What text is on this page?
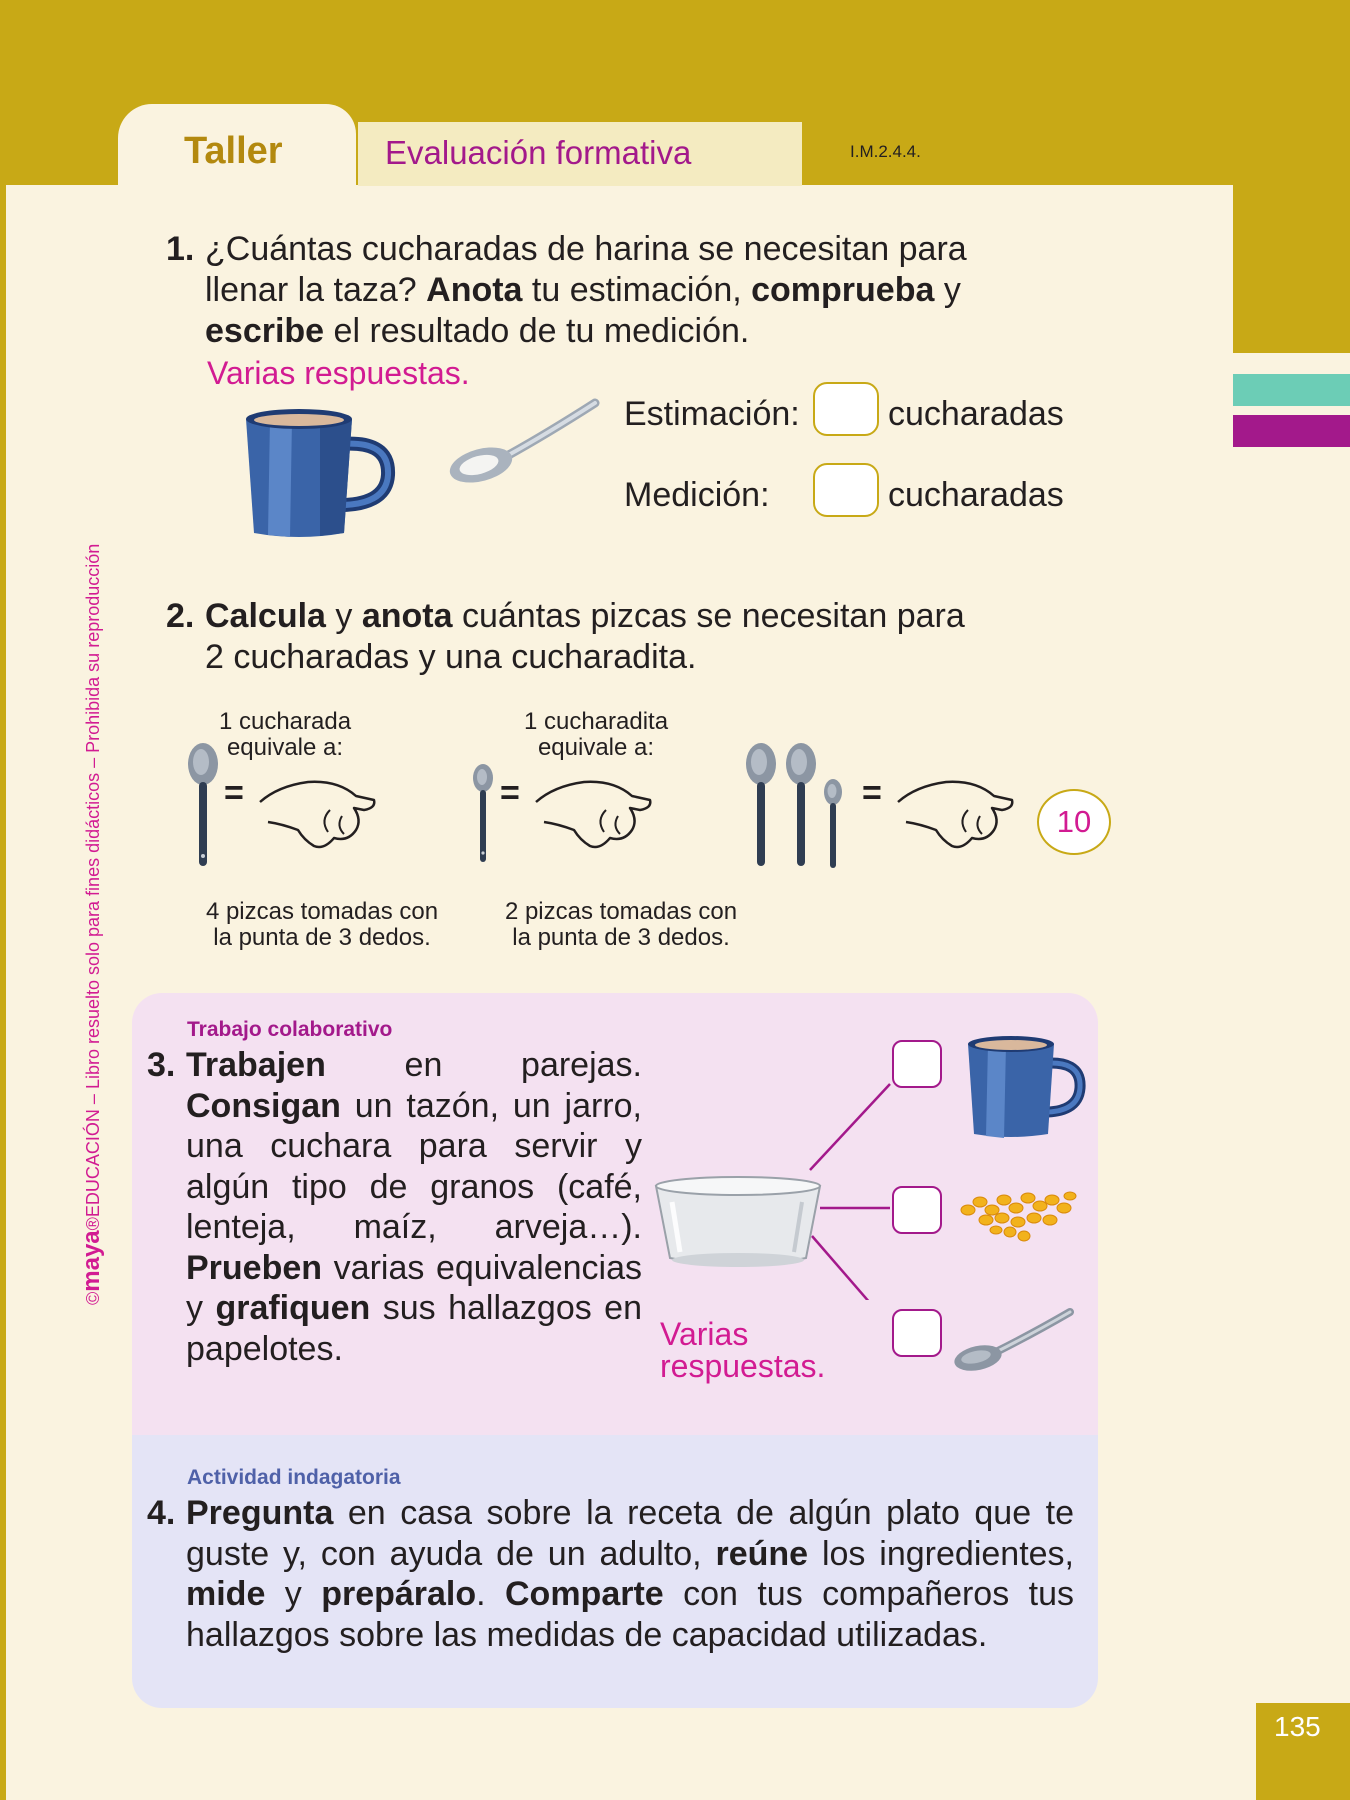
Taller	Evaluación formativa	I.M.2.4.4.
©maya®EDUCACIÓN – Libro resuelto solo para fines didácticos – Prohibida su reproducción
1. ¿Cuántas cucharadas de harina se necesitan para
llenar la taza? Anota tu estimación, comprueba y
escribe el resultado de tu medición.
Varias respuestas.
Estimación:	cucharadas
Medición:	cucharadas
2. Calcula y anota cuántas pizcas se necesitan para
2 cucharadas y una cucharadita.
1 cucharada
equivale a:
1 cucharadita
equivale a:
=	=	=
10
4 pizcas tomadas con
la punta de 3 dedos.
2 pizcas tomadas con
la punta de 3 dedos.
Trabajo colaborativo
3. Trabajen en parejas. Consigan un tazón, un jarro, una cuchara para servir y algún tipo de granos (café, lenteja, maíz, arveja…). Prueben varias equivalencias y grafiquen sus hallazgos en papelotes.	Varias
respuestas.
Actividad indagatoria
4. Pregunta en casa sobre la receta de algún plato que te guste y, con ayuda de un adulto, reúne los ingredientes, mide y prepáralo. Comparte con tus compañeros tus hallazgos sobre las medidas de capacidad utilizadas.
135
